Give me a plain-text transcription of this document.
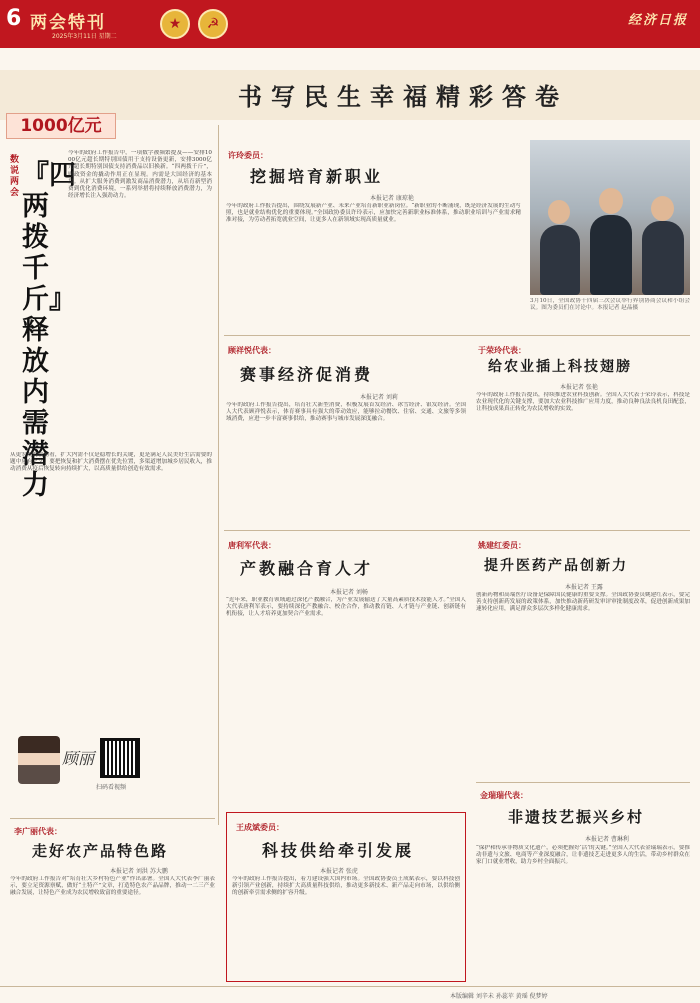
6 两会特刊
2025年3月11日 星期二
★	☭	经济日报
书写民生幸福精彩答卷
1000亿元
数说两会
『四两拨千斤』释放内需潜力
今年的政府工作报告中，一项数字被频繁提及——安排1000亿元超长期特别国债用于支持设备更新，安排3000亿元超长期特别国债支持消费品以旧换新。“四两拨千斤”，财政资金的撬动作用正在显现。内需是大国经济的基本盘。从扩大服务消费到激发商品消费潜力，从培育新型消费到优化消费环境，一系列举措将持续释放消费潜力，为经济增长注入强劲动力。
从更宏观的视角看，扩大内需不仅是稳增长的关键，更是满足人民美好生活需要的题中应有之义。要把恢复和扩大消费摆在优先位置，多渠道增加城乡居民收入，推动消费从疫后恢复转向持续扩大，以高质量供给创造有效需求。
顾丽
扫码看视频
许玲委员：
挖掘培育新职业
本报记者 康琼艳
今年的政府工作报告提出，围绕发展新产业、未来产业培育新职业新岗位。“新职业的不断涌现，既是经济发展的生动写照，也是就业结构优化的重要体现。”全国政协委员许玲表示，应加快完善新职业标准体系，推动职业培训与产业需求精准对接，为劳动者拓宽就业空间，让更多人在新领域实现高质量就业。
3月10日，全国政协十四届三次会议举行界别协商会议和小组会议。图为委员们在讨论中。本报记者 赵晶摄
顾祥悦代表：
赛事经济促消费
本报记者 刘莉
今年的政府工作报告提出，培育壮大新型消费，积极发展首发经济、冰雪经济、银发经济。全国人大代表顾祥悦表示，体育赛事具有强大的带动效应，能够拉动餐饮、住宿、交通、文旅等多领域消费，应进一步丰富赛事供给，推动赛事与城市发展深度融合。
于荣玲代表：
给农业插上科技翅膀
本报记者 张艳
今年的政府工作报告提出，持续推进农业科技创新。全国人大代表于荣玲表示，科技是农业现代化的关键支撑，要加大农业科技推广应用力度，推动良种良法良机良田配套，让科技成果真正转化为农民增收的实效。
唐利军代表：
产教融合育人才
本报记者 刘畅
“近年来，职业教育领域通过深化产教融合，为产业发展输送了大量高素质技术技能人才。”全国人大代表唐利军表示，要持续深化产教融合、校企合作，推动教育链、人才链与产业链、创新链有机衔接，让人才培养更加契合产业需求。
姚建红委员：
提升医药产品创新力
本报记者 王露
创新药物和高端医疗设备是保障国民健康的重要支撑。全国政协委员姚建红表示，要完善支持创新药发展的政策体系，加快推动新药研发审评审批制度改革，促进创新成果加速转化应用，满足群众多层次多样化健康需求。
李广丽代表：
走好农产品特色路
本报记者 刘洪 苏大鹏
今年的政府工作报告对“培育壮大乡村特色产业”作出部署。全国人大代表李广丽表示，要立足资源禀赋，做好“土特产”文章，打造特色农产品品牌，推动一二三产业融合发展，让特色产业成为农民增收致富的重要途径。
王成斌委员：
科技供给牵引发展
本报记者 张虎
今年的政府工作报告提出，着力建设强大国内市场。全国政协委员王成斌表示，要以科技创新引领产业创新，持续扩大高质量科技供给，推动更多新技术、新产品走向市场，以供给侧的创新牵引需求侧的扩容升级。
金瑞瑞代表：
非遗技艺振兴乡村
本报记者 曹琳利
“保护和传承非物质文化遗产，必须把握好‘活’的关键。”全国人大代表金瑞瑞表示，要推动非遗与文旅、电商等产业深度融合，让非遗技艺走进更多人的生活，带动乡村群众在家门口就业增收，助力乡村全面振兴。
本版编辑 刘辛未 孙蕊苹 黄瑶 倪梦婷
